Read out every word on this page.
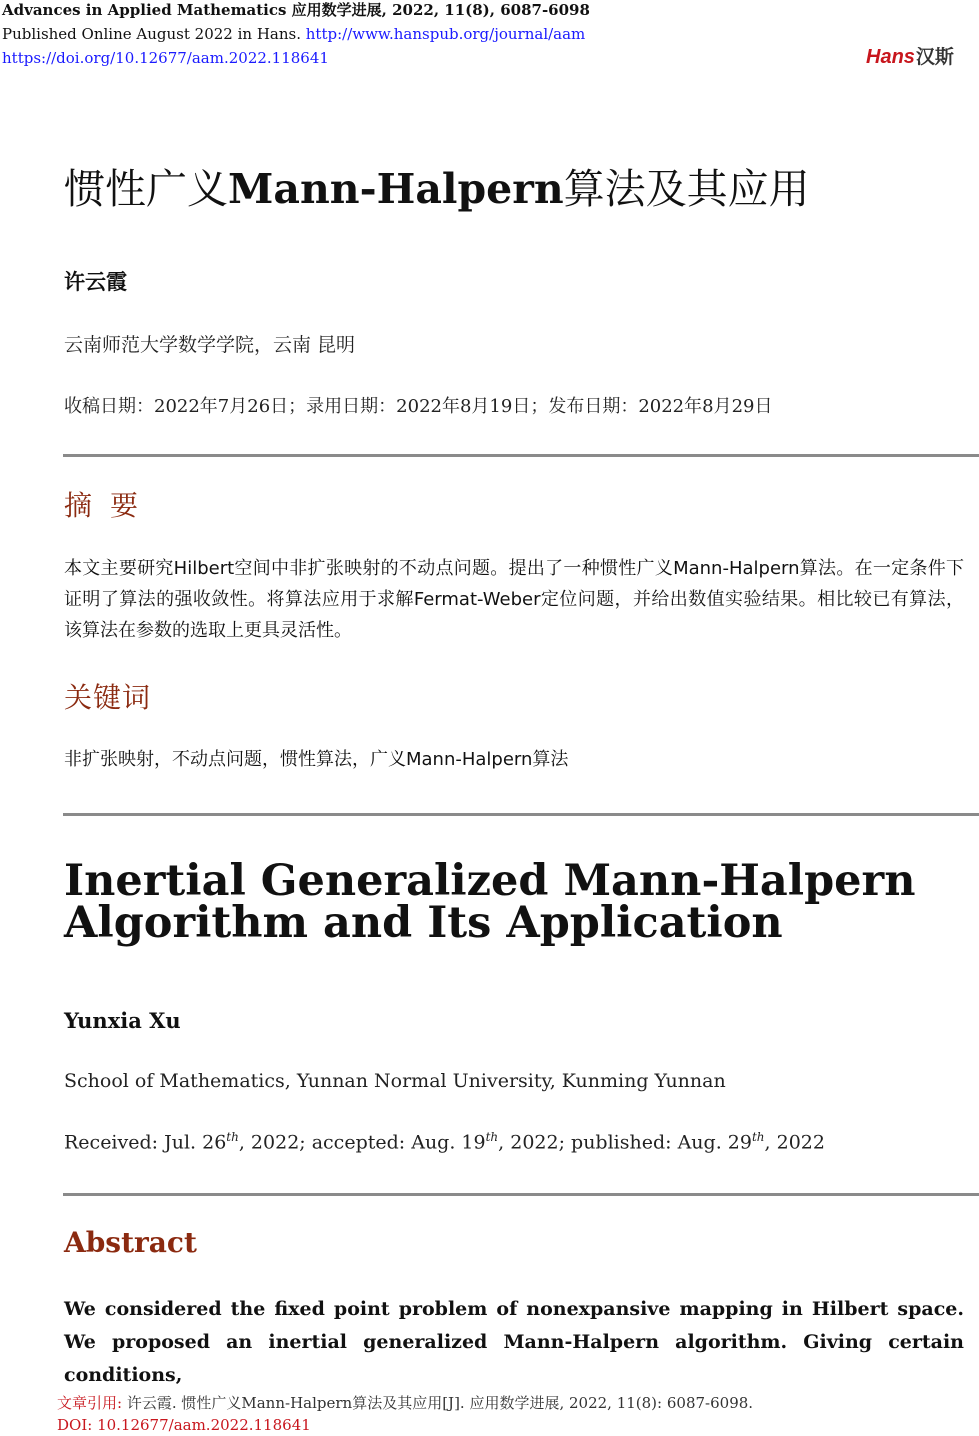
Advances in Applied Mathematics 应用数学进展, 2022, 11(8), 6087-6098
Published Online August 2022 in Hans. http://www.hanspub.org/journal/aam
https://doi.org/10.12677/aam.2022.118641	Hans汉斯
惯性广义Mann-Halpern算法及其应用
许云霞
云南师范大学数学学院，云南 昆明
收稿日期：2022年7月26日；录用日期：2022年8月19日；发布日期：2022年8月29日
摘要
本文主要研究Hilbert空间中非扩张映射的不动点问题。提出了一种惯性广义Mann-Halpern算法。在一定条件下证明了算法的强收敛性。将算法应用于求解Fermat-Weber定位问题，并给出数值实验结果。相比较已有算法，该算法在参数的选取上更具灵活性。
关键词
非扩张映射，不动点问题，惯性算法，广义Mann-Halpern算法
Inertial Generalized Mann-Halpern Algorithm and Its Application
Yunxia Xu
School of Mathematics, Yunnan Normal University, Kunming Yunnan
Received: Jul. 26th, 2022; accepted: Aug. 19th, 2022; published: Aug. 29th, 2022
Abstract
We considered the fixed point problem of nonexpansive mapping in Hilbert space. We proposed an inertial generalized Mann-Halpern algorithm. Giving certain conditions,
文章引用: 许云霞. 惯性广义Mann-Halpern算法及其应用[J]. 应用数学进展, 2022, 11(8): 6087-6098.
DOI: 10.12677/aam.2022.118641
